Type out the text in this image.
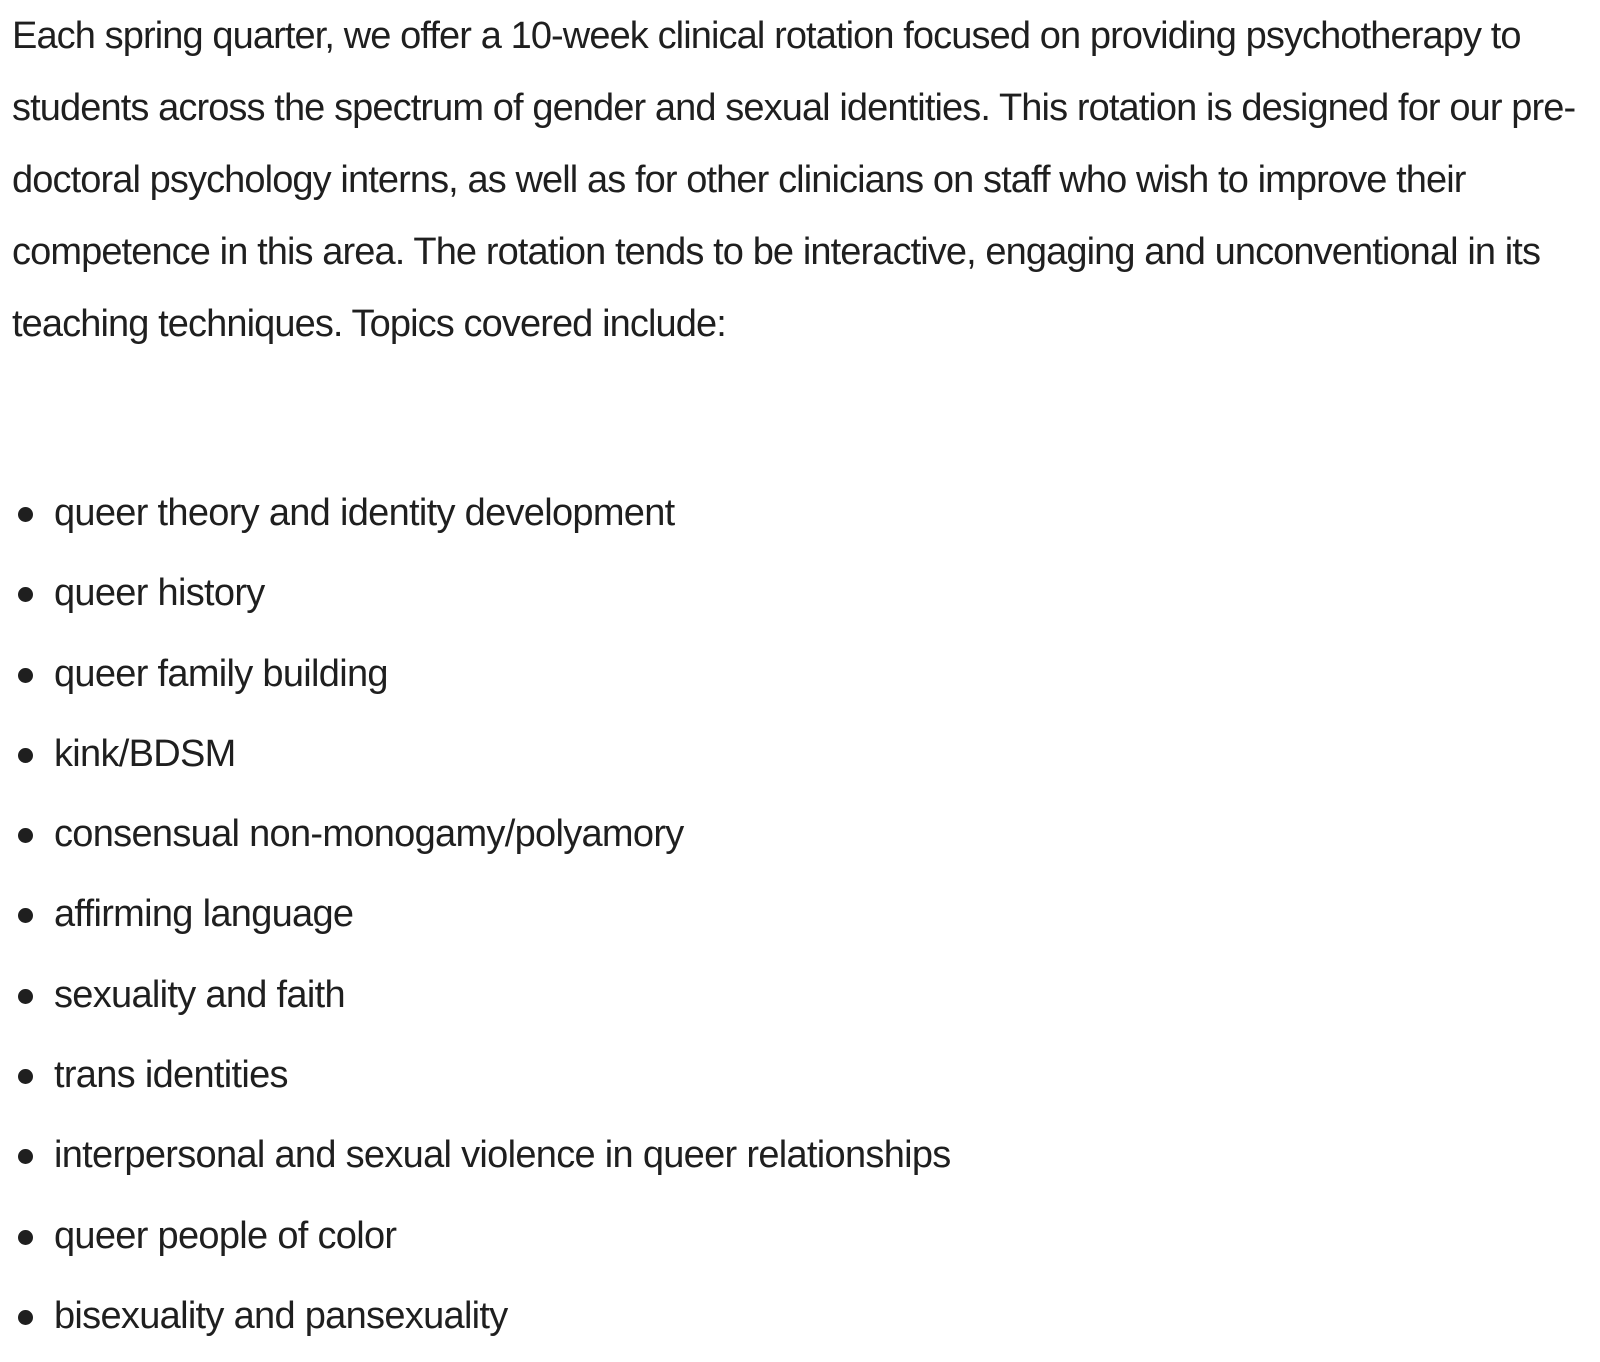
Each spring quarter, we offer a 10-week clinical rotation focused on providing psychotherapy to students across the spectrum of gender and sexual identities. This rotation is designed for our pre-doctoral psychology interns, as well as for other clinicians on staff who wish to improve their competence in this area. The rotation tends to be interactive, engaging and unconventional in its teaching techniques. Topics covered include:

queer theory and identity development
queer history
queer family building
kink/BDSM
consensual non-monogamy/polyamory
affirming language
sexuality and faith
trans identities
interpersonal and sexual violence in queer relationships
queer people of color
bisexuality and pansexuality
